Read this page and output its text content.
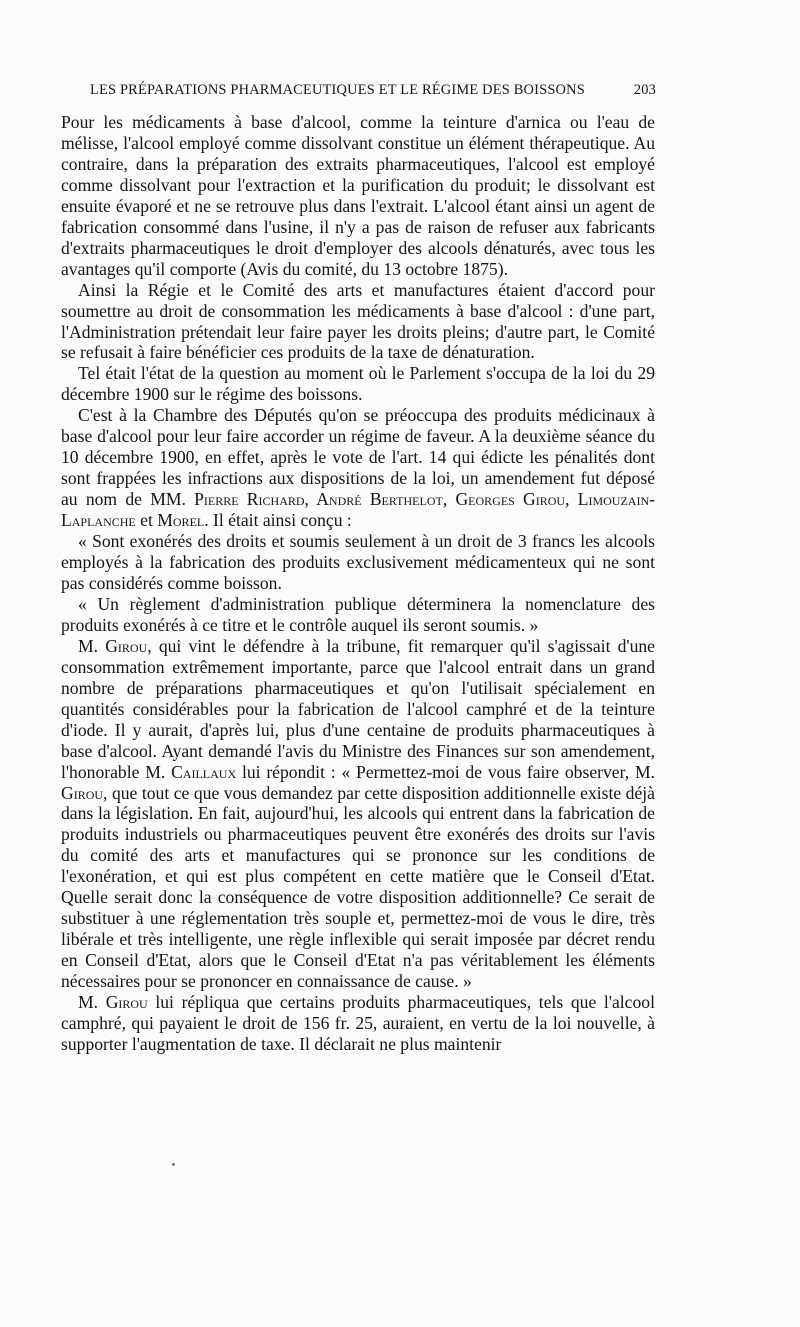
LES PRÉPARATIONS PHARMACEUTIQUES ET LE RÉGIME DES BOISSONS	203

Pour les médicaments à base d'alcool, comme la teinture d'arnica ou l'eau de mélisse, l'alcool employé comme dissolvant constitue un élément thérapeutique. Au contraire, dans la préparation des extraits pharmaceutiques, l'alcool est employé comme dissolvant pour l'extraction et la purification du produit; le dissolvant est ensuite évaporé et ne se retrouve plus dans l'extrait. L'alcool étant ainsi un agent de fabrication consommé dans l'usine, il n'y a pas de raison de refuser aux fabricants d'extraits pharmaceutiques le droit d'employer des alcools dénaturés, avec tous les avantages qu'il comporte (Avis du comité, du 13 octobre 1875).

Ainsi la Régie et le Comité des arts et manufactures étaient d'accord pour soumettre au droit de consommation les médicaments à base d'alcool : d'une part, l'Administration prétendait leur faire payer les droits pleins; d'autre part, le Comité se refusait à faire bénéficier ces produits de la taxe de dénaturation.

Tel était l'état de la question au moment où le Parlement s'occupa de la loi du 29 décembre 1900 sur le régime des boissons.

C'est à la Chambre des Députés qu'on se préoccupa des produits médicinaux à base d'alcool pour leur faire accorder un régime de faveur. A la deuxième séance du 10 décembre 1900, en effet, après le vote de l'art. 14 qui édicte les pénalités dont sont frappées les infractions aux dispositions de la loi, un amendement fut déposé au nom de MM. Pierre Richard, André Berthelot, Georges Girou, Limouzain-Laplanche et Morel. Il était ainsi conçu :

« Sont exonérés des droits et soumis seulement à un droit de 3 francs les alcools employés à la fabrication des produits exclusivement médicamenteux qui ne sont pas considérés comme boisson.

« Un règlement d'administration publique déterminera la nomenclature des produits exonérés à ce titre et le contrôle auquel ils seront soumis. »

M. Girou, qui vint le défendre à la tribune, fit remarquer qu'il s'agissait d'une consommation extrêmement importante, parce que l'alcool entrait dans un grand nombre de préparations pharmaceutiques et qu'on l'utilisait spécialement en quantités considérables pour la fabrication de l'alcool camphré et de la teinture d'iode. Il y aurait, d'après lui, plus d'une centaine de produits pharmaceutiques à base d'alcool. Ayant demandé l'avis du Ministre des Finances sur son amendement, l'honorable M. Caillaux lui répondit : « Permettez-moi de vous faire observer, M. Girou, que tout ce que vous demandez par cette disposition additionnelle existe déjà dans la législation. En fait, aujourd'hui, les alcools qui entrent dans la fabrication de produits industriels ou pharmaceutiques peuvent être exonérés des droits sur l'avis du comité des arts et manufactures qui se prononce sur les conditions de l'exonération, et qui est plus compétent en cette matière que le Conseil d'Etat. Quelle serait donc la conséquence de votre disposition additionnelle? Ce serait de substituer à une réglementation très souple et, permettez-moi de vous le dire, très libérale et très intelligente, une règle inflexible qui serait imposée par décret rendu en Conseil d'Etat, alors que le Conseil d'Etat n'a pas véritablement les éléments nécessaires pour se prononcer en connaissance de cause. »

M. Girou lui répliqua que certains produits pharmaceutiques, tels que l'alcool camphré, qui payaient le droit de 156 fr. 25, auraient, en vertu de la loi nouvelle, à supporter l'augmentation de taxe. Il déclarait ne plus maintenir
